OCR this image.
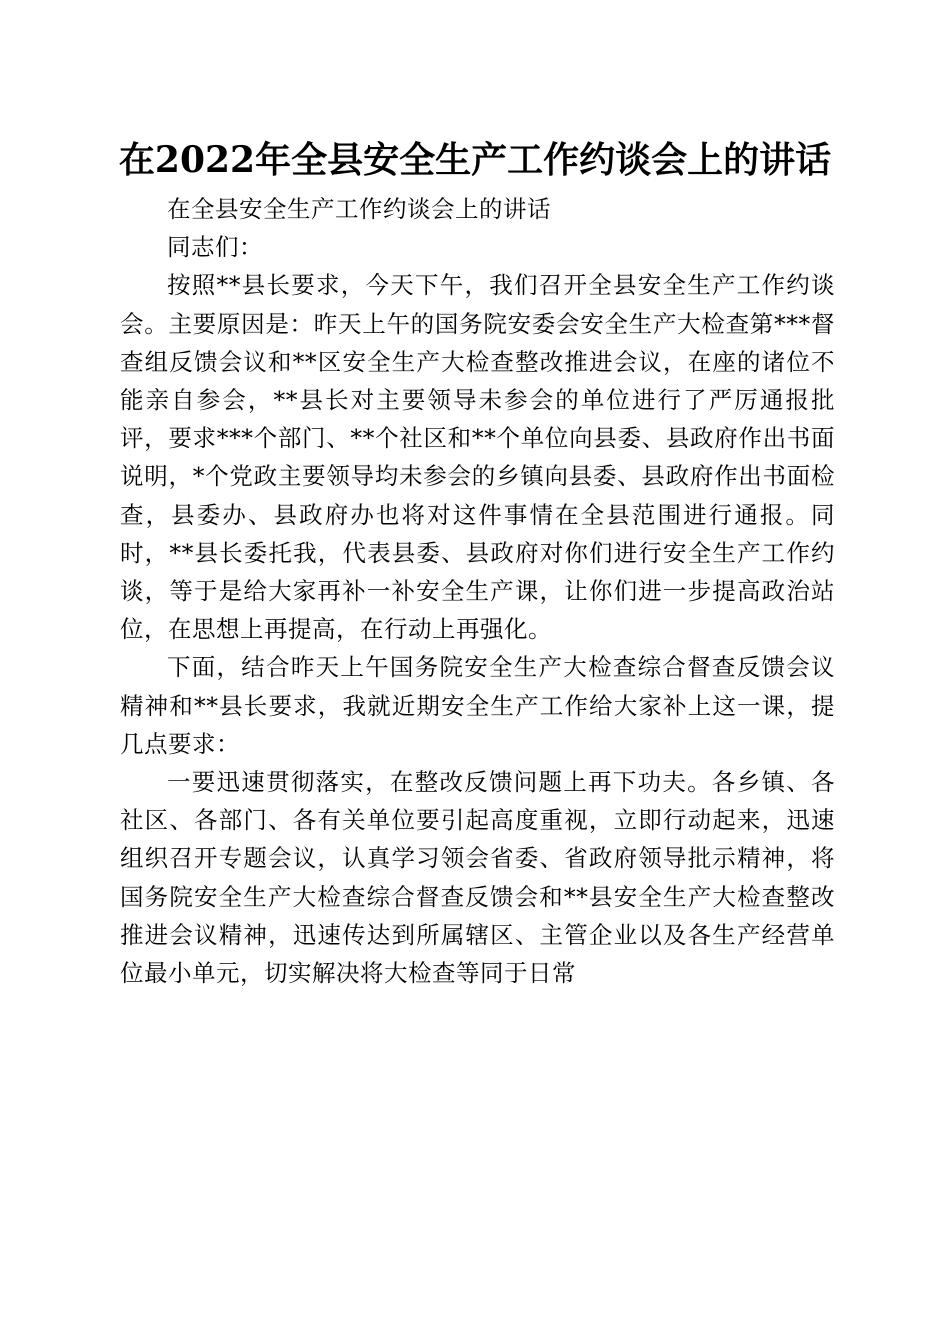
在2022年全县安全生产工作约谈会上的讲话

在全县安全生产工作约谈会上的讲话

同志们：

按照**县长要求，今天下午，我们召开全县安全生产工作约谈会。主要原因是：昨天上午的国务院安委会安全生产大检查第***督查组反馈会议和**区安全生产大检查整改推进会议，在座的诸位不能亲自参会，**县长对主要领导未参会的单位进行了严厉通报批评，要求***个部门、**个社区和**个单位向县委、县政府作出书面说明，*个党政主要领导均未参会的乡镇向县委、县政府作出书面检查，县委办、县政府办也将对这件事情在全县范围进行通报。同时，**县长委托我，代表县委、县政府对你们进行安全生产工作约谈，等于是给大家再补一补安全生产课，让你们进一步提高政治站位，在思想上再提高，在行动上再强化。

下面，结合昨天上午国务院安全生产大检查综合督查反馈会议精神和**县长要求，我就近期安全生产工作给大家补上这一课，提几点要求：

一要迅速贯彻落实，在整改反馈问题上再下功夫。各乡镇、各社区、各部门、各有关单位要引起高度重视，立即行动起来，迅速组织召开专题会议，认真学习领会省委、省政府领导批示精神，将国务院安全生产大检查综合督查反馈会和**县安全生产大检查整改推进会议精神，迅速传达到所属辖区、主管企业以及各生产经营单位最小单元，切实解决将大检查等同于日常
